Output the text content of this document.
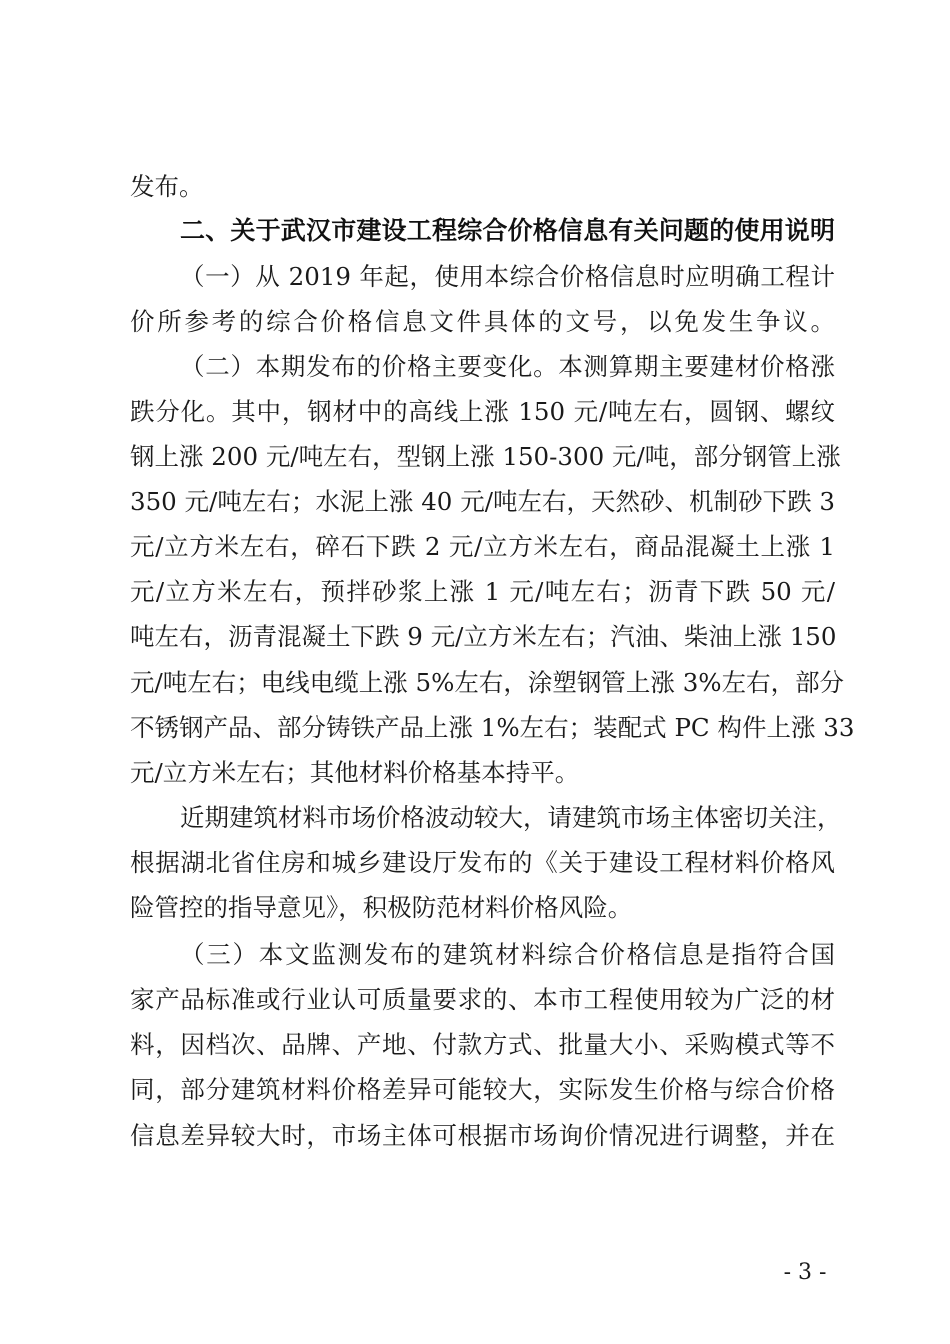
发布。
二、关于武汉市建设工程综合价格信息有关问题的使用说明
（一）从 2019 年起，使用本综合价格信息时应明确工程计
价所参考的综合价格信息文件具体的文号，以免发生争议。
（二）本期发布的价格主要变化。本测算期主要建材价格涨
跌分化。其中，钢材中的高线上涨 150 元/吨左右，圆钢、螺纹
钢上涨 200 元/吨左右，型钢上涨 150-300 元/吨，部分钢管上涨
350 元/吨左右；水泥上涨 40 元/吨左右，天然砂、机制砂下跌 3
元/立方米左右，碎石下跌 2 元/立方米左右，商品混凝土上涨 1
元/立方米左右，预拌砂浆上涨 1 元/吨左右；沥青下跌 50 元/
吨左右，沥青混凝土下跌 9 元/立方米左右；汽油、柴油上涨 150
元/吨左右；电线电缆上涨 5%左右，涂塑钢管上涨 3%左右，部分
不锈钢产品、部分铸铁产品上涨 1%左右；装配式 PC 构件上涨 33
元/立方米左右；其他材料价格基本持平。
近期建筑材料市场价格波动较大，请建筑市场主体密切关注，
根据湖北省住房和城乡建设厅发布的《关于建设工程材料价格风
险管控的指导意见》，积极防范材料价格风险。
（三）本文监测发布的建筑材料综合价格信息是指符合国
家产品标准或行业认可质量要求的、本市工程使用较为广泛的材
料，因档次、品牌、产地、付款方式、批量大小、采购模式等不
同，部分建筑材料价格差异可能较大，实际发生价格与综合价格
信息差异较大时，市场主体可根据市场询价情况进行调整，并在
- 3 -
